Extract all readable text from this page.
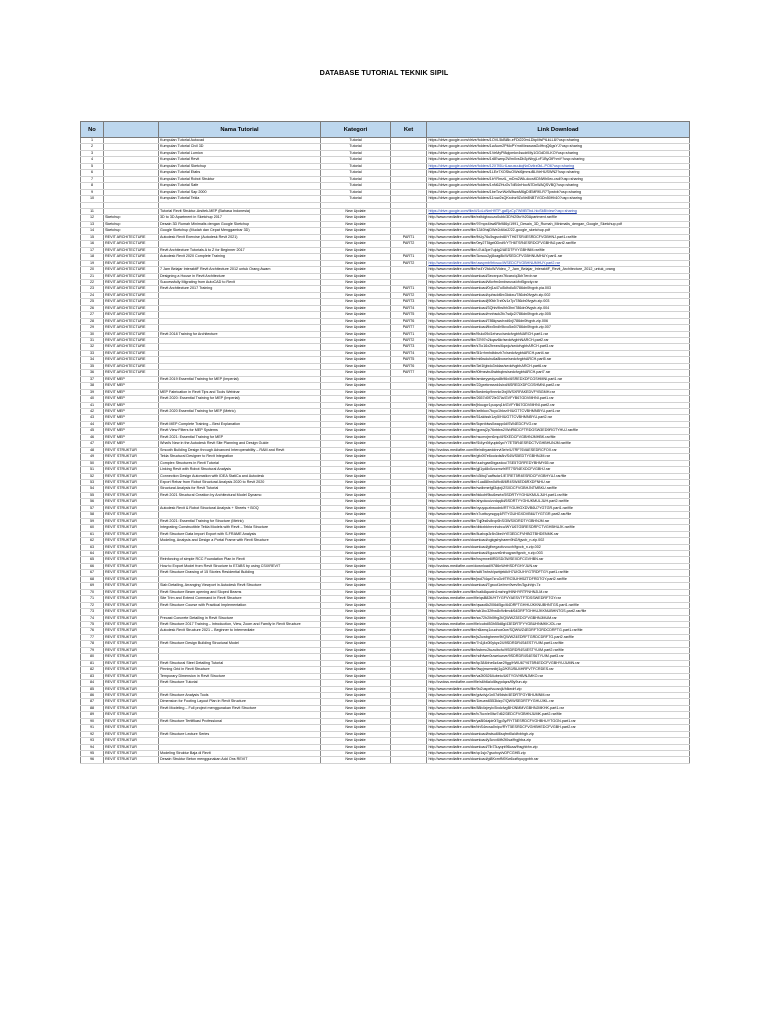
DATABASE TUTORIAL TEKNIK SIPIL
No		Nama Tutorial	Kategori	Ket	Link Download
1		Kumpulan Tutorial Autocad	Tutorial		https://drive.google.com/drive/folders/1OVL5kBl8b-eFDi220mLDkpMsPtLkLL8/?usp=sharing
2		Kumpulan Tutorial Civil 3D	Tutorial		https://drive.google.com/drive/folders/1wAum2PMoPYmxMxswwaGdHrqQ6gsYJ?usp=sharing
3		Kumpulan Tutorial Lumion	Tutorial		https://drive.google.com/drive/folders/1VeMyPl8qlpmkn4sudriMy1GGdDXLKOYusp=sharing
4		Kumpulan Tutorial Revit	Tutorial		https://drive.google.com/drive/folders/1r8Ewmp2Wm0vsDb3pNhyjLvF1ByGtFhmY?usp=sharing
5		Kumpulan Tutorial Sketchup	Tutorial		https://drive.google.com/drive/folders/12X7t5LriLacuxuukqNnDvilrz0kL-PO6?usp=sharing
6		Kumpulan Tutorial Etabs	Tutorial		https://drive.google.com/drive/folders/1LEe7XOStuOWsI6jmmuBLiVeHUSWN2?usp=sharing
7		Kumpulan Tutorial Robot Struktur	Tutorial		https://drive.google.com/drive/folders/1bYRmzlL_mDm2Wk-dccsKDNWh0ec-radi?usp=sharing
8		Kumpulan Tutorial Safe	Tutorial		https://drive.google.com/drive/folders/1nN6ZHuGv7dB4nHooN7DnWAQSVBQ?usp=sharing
9		Kumpulan Tutorial Sap 2000	Tutorial		https://drive.google.com/drive/folders/1beTcvrWzW8wwM6gDIEMRf0-R7Tpwtxb?usp=sharing
10		Kumpulan Tutorial Tekla	Tutorial		https://drive.google.com/drive/folders/11ruw2sQKxdnz9ZoVe8NBTVGDn50Hb10?usp=sharing

11		Tutorial Revit Struktur-Arsitek-MEP (Bahasa Indonesia)	New Update		https://drive.google.com/file/d/1oLcNmH9TP-gaEjzCp7WMBTbd-hloSkB/view?usp=sharing
12	Sketchup	3D to 3D Apartment in Sketchup 2017	New Update		http://www.mediafire.com/file/ezltdgtxuuzo0ubk/3D%20to%20Apartment.rar/file
13	Sketchup	Desain 3D Rumah Minimalis dengan Google Sketchup	New Update		http://www.mediafire.com/file/97mpx4bw6Rb986y/1991_Desain_3D_Rumah_Minimalis_dengan_Google_Sketchup.pdf
14	Sketchup	Google Sketchup (Mudah dan Cepat Menggambar 3D)	New Update		http://www.mediafire.com/file/1340hsjDWe2dt4xiZ/22-google_sketchup.pdf
15	REVIT ARCHITECTURE	Autodesk Revit Exercise (Autodesk Revit 2021)	New Update	PART1	http://www.mediafire.com/file/fbUy76u5sgsxlrd8/YTH6TSR4ESRDCFVGBHNJ.part1.rar/file
16	REVIT ARCHITECTURE		New Update	PART2	http://www.mediafire.com/file/0ey2T5lgxt0Dnd9/YTH6TSR4ESRDCFVGBHNJ.part2.rar/file
17	REVIT ARCHITECTURE	Revit Architecture Tutorials A to Z for Beginner 2017	New Update		http://www.mediafire.com/file/u7uk3pe7ujdg2/AEDTFVYGBHNM.rar/file
18	REVIT ARCHITECTURE	Autodesk Revit 2020 Complete Training	New Update	PART1	http://www.mediafire.com/file/3cwuu2pj8oag8k/WSEDCFVGBHNUMHUY.part1.rar
19	REVIT ARCHITECTURE		New Update	PART2	http://www.mediafire.com/file/uwsymb9rfcsuc/WSEDCFVGBHNUMHUY.part2.rar
20	REVIT ARCHITECTURE	7 Jam Belajar InteraktiF Revit Architecture 2012 untuk Orang Awam	New Update		http://www.mediafire.com/file/hx4Y2tdoW/Video_7_Jam_Belajar_InteraktiF_Revit_Architecture_2012_untuk_orang
21	REVIT ARCHITECTURE	Designing a House in Revit Architecture	New Update		http://www.mediafire.com/download/3ecxnpzx7tlcaro/q3kh7erdr.rar
22	REVIT ARCHITECTURE	Successfully Migrating from AutoCAD to Revit	New Update		http://www.mediafire.com/download/vlkvfm4nrdwruva/cfvt5gvcty.rar
23	REVIT ARCHITECTURE	Revit Architecture 2017 Training	New Update	PART1	http://www.mediafire.com/download/0rj1a47ui5dhdlu5/786dn0fvgvb.pia.003
24	REVIT ARCHITECTURE		New Update	PART2	http://www.mediafire.com/download/quhsdd6rx3lokxu/786dn0fvgvb.zip.002
25	REVIT ARCHITECTURE		New Update	PART3	http://www.mediafire.com/download/j90kh7rzt0v1z7p/786dn0fvgvb.zip.003
26	REVIT ARCHITECTURE		New Update	PART4	http://www.mediafire.com/download/3Qhiv9bslhh3hn/786dn0fvgvb.zip.004
27	REVIT ARCHITECTURE		New Update	PART5	http://www.mediafire.com/download/mnhsck2fc7sdjc2/786dn0fvgvb.zip.005
28	REVIT ARCHITECTURE		New Update	PART6	http://www.mediafire.com/download/786kpwuhxd6xj/786dn0fvgvb.zip.006
29	REVIT ARCHITECTURE		New Update	PART7	http://www.mediafire.com/download/tlxx5ndh9kvo5w0/786dn0fvgvb.zip.007
30	REVIT ARCHITECTURE	Revit 2018 Training for Architecture	New Update	PART1	http://www.mediafire.com/file/l9ulo09d1ehzvc/sedcfvgbhNARCH.part1.rar
31	REVIT ARCHITECTURE		New Update	PART2	http://www.mediafire.com/file/37t97n2kqav6kr/sedcfvgbhNARCH.part2.rar
32	REVIT ARCHITECTURE		New Update	PART3	http://www.mediafire.com/file/s7lo16x2trezw/6qwjc/sedcfvgbhARCH.part3.rar
33	REVIT ARCHITECTURE		New Update	PART4	http://www.mediafire.com/file/5l1rrhmhdtdnzh7x/sedcfvgbhARCH.part4.rar
34	REVIT ARCHITECTURE		New Update	PART5	http://www.mediafire.com/file/mi6wduhu6a8bcwe/sedcfvgbhARCH.part5.rar
35	REVIT ARCHITECTURE		New Update	PART6	http://www.mediafire.com/file/3ei1fgbdo3nldax/sedcfvgbhARCH.part6.rar
36	REVIT ARCHITECTURE		New Update	PART7	http://www.mediafire.com/file/t0fmsvbu5wbbqbw/sedcfvgbhARCH.part7.rar
37	REVIT MEP	Revit 2019 Essential Training for MEP (Imperial)	New Update		http://www.mediafire.com/file/amkeyyedyzo8b96x/6SREDXDFCGSHMNI.part1.rar
38	REVIT MEP		New Update		http://www.mediafire.com/file/22gxeknwsrd4sixd/6SREDXDFCGSHMNI.part2.rar
39	REVIT MEP	MEP Fabrication in Revit Tips and Tools Webinar	New Update		http://www.mediafire.com/file/ikedmkp9nnnkr2ixj/WSXRFAKEDVFYBGMH.rar
40	REVIT MEP	Revit 2020: Essential Training for MEP (Imperial)	New Update		http://www.mediafire.com/file/2657d0f72le37ia/GVFYB67GDVMHNI.part1.rar
41	REVIT MEP		New Update		http://www.mediafire.com/file/jhkuqpr1puqvq1b/GVFYB67GDVMHNI.part2.rar
42	REVIT MEP	Revit 2020 Essential Training for MEP (Metric)	New Update		http://www.mediafire.com/file/zeibkox7tuyo1hkrz/HIUG7TCVBHMNBYU.part1.rar
43	REVIT MEP		New Update		http://www.mediafire.com/file/51aldssh1zy5/HIUG7TCVBHMNBYU.part2.rar
44	REVIT MEP	Revit MEP Complete Training – Best Explanation	New Update		http://www.mediafire.com/file/5qxnfdws0wapp4d/SW4EDCFVG.rar
45	REVIT MEP	Revit View Filters for MEP Systems	New Update		http://www.mediafire.com/file/gpxwj2p76nbbw2/WdR6DCFTRDGSW3ED9RGTYHUJ.rar/file
46	REVIT MEP	Revit 2021: Essential Training for MEP	New Update		http://www.mediafire.com/file/nscmxjrrn6mp4f/SXEDCFVGBHNJMHBK.rar/file
47	REVIT MEP	What's New in the Autodesk Revit Site Planning and Design Guide	New Update		http://www.mediafire.com/file/f1t4yn94yupk6yc/Y7ET5R4ESRDCTVGHBHUNJM.rar/file
48	REVIT STRUKTUR	Smooth Building Design through Advanced Interoperability – RAM and Revit	New Update		http://cvokss.mediafire.com/file/rdbyaeddnrvt3ehr/U7RF76VAESEDRCFOX.rar
49	REVIT STRUKTUR	Tekla Structural Designer to Revit Integration	New Update		http://www.mediafire.com/file/gfo0t7e6ooizds8n/S4WS5EDTYGBHNJM.rar
50	REVIT STRUKTUR	Complex Structures in Revit Tutorial	New Update		http://www.mediafire.com/file/uuchgax6bgzzdcu/7SE5TGRFEDYBHMY65.rar
51	REVIT STRUKTUR	Linking Revit with Robot Structural Analysis	New Update		http://www.mediafire.com/file/gjl1yd8x0zczrnzfr/RT7SR4EXDCFVGBHJ.rar
52	REVIT STRUKTUR	Connection Design Automation with IDEA StatiCa and Autodesk	New Update		http://www.mediafire.com/file/o3tbq7uaffsdcr1/E7RET5R4ESRDCFVGBHYUJ.rar/file
53	REVIT STRUKTUR	Export Rebar from Robot Structural Analysis 2020 to Revit 2020	New Update		http://www.mediafire.com/file/r1ua88lnn0d9vl8/6R4SW4ED6RXDFNHU.rar
54	REVIT STRUKTUR	Structural Analysis for Revit Tutorial	New Update		http://www.mediafire.com/file/rwdbmefgll3qtxj/ZSXDCFVGBHJNTMBKU.rar/file
55	REVIT STRUKTUR	Revit 2021 Structural Creation by Architectural Model Dynamo	New Update		http://www.mediafire.com/file/bkkohf9ku6esrtx/5SDRTYYGHUKMULJUH.part1.rar/file
56	REVIT STRUKTUR		New Update		http://www.mediafire.com/file/ahyokcuizvdqqlld/5SDRTYYGHUKMULJUH.part2.rar/file
57	REVIT STRUKTUR	Autodesk Revit & Robot Structural Analysis + Sheets + BOQ	New Update		http://www.mediafire.com/file/oyuyquzbwudnk/RTYGUHGXDVB6U7YGTGR.part1.rar/file
58	REVIT STRUKTUR		New Update		http://www.mediafire.com/file/x7uxttuyrsqyq4/RTYGUHGXDVB6U7YGTGR.part2.rar/file
59	REVIT STRUKTUR	Revit 2021: Essential Training for Structure (Metric)	New Update		http://www.mediafire.com/file/7qj0ts6v8rcp6hS/3WSXDRDTYGBHNJM.rar
60	REVIT STRUKTUR	Integrating Constructible Tekla Models with Revit – Tekla Structure	New Update		http://www.mediafire.com/file/dbkxbkhrnnhdrcu/WYU67G5RESDRFCTVGHBHUJK.rar/file
61	REVIT STRUKTUR	Revit Structure Data Import Export with S-FRAME Analysis	New Update		http://www.mediafire.com/file/8uzbqs3r8n3bei/rYE3EDCFVHBGTBHDENMK.rar
62	REVIT STRUKTUR	Modeling, Analysis and Design a Portal Frame with Revit Structure	New Update		http://www.mediafire.com/download/ogkgshyhaem9hl2/fgvcb_n.zip.002
63	REVIT STRUKTUR		New Update		http://www.mediafire.com/download/glfxegzofuvxuxh/fgvcb_n.zip.002
64	REVIT STRUKTUR		New Update		http://www.mediafire.com/download/4guuvx6nfruqyan/fgvcb_n.zip.003
65	REVIT STRUKTUR	Reinforcing of simple RCC Foundation Plan in Revit	New Update		http://www.mediafire.com/file/ivsymxe8IRDSD/3WSEXDFCGVHBN.rar
66	REVIT STRUKTUR	How to Export Model from Revit Structure to ETABS by using CSIXREVIT	New Update		http://cvokss.mediafire.com/download/9786nWrtHSDFGHYJUN.rar
67	REVIT STRUKTUR	Revit Structure Drawing of 15 Stories Residential Building	New Update		http://www.mediafire.com/file/sdti7whsh/pwbjekik/H7UIOUHYGTRDFTGY.part1.rar/file
68	REVIT STRUKTUR		New Update		http://www.mediafire.com/file/jwd7i4qw7zru3vf/TRC5UHH5ZTDFRDTGY.part2.rar/file
69	REVIT STRUKTUR	Slab Detailing, Arranging Viewport in Autodesk Revit Structure	New Update		http://www.mediafire.com/download/7gxcct1e/mm9vev9n/3guhhjn.7z
70	REVIT STRUKTUR	Revit Structure Beam opening and Sloped Beams	New Update		http://www.mediafire.com/file/lvaik8quwin1mzhrg/HINHYRTFNHNJLM.rar
71	REVIT STRUKTUR	Site Trim and Extend Command in Revit Structure	New Update		http://cvokss.mediafire.com/file/qsB82tI/HTYGFVYAESVTFTDSSWEDRFTGY.rar
72	REVIT STRUKTUR	Revit Structure Course with Practical Implementation	New Update		http://www.mediafire.com/file/qwao6k2l06di5gc/64DRFTGHHUJKKNUBHNTGS.part1.rar/file
73	REVIT STRUKTUR		New Update		http://www.mediafire.com/file/wb1bc32fhw8x9vlimdi/64DRFTGHHUJKKNUBHNTGS.part2.rar/file
74	REVIT STRUKTUR	Precast Concrete Detailing in Revit Structure	New Update		http://www.mediafire.com/file/sw72h2lh0fhg2t/QWWZ3EDCFVGBHNJMUM.rar
75	REVIT STRUKTUR	Revit Structure 2017 Training – Introduction, View, Zoom and Family in Revit Structure	New Update		http://cvokss.mediafire.com/file/cubdl53h55d8g/43EDRTFYYGBUHNMKKJOL.rar
76	REVIT STRUKTUR	Autodesk Revit Structure 2021 – Beginner to Intermediate	New Update		http://www.mediafire.com/file/n6lzmq1ouohox0ce/SQWWZ4EDRFTGRDCDRFTG.part1.rar/file
77	REVIT STRUKTUR		New Update		http://www.mediafire.com/file/js2uwbgheem9t/QWWZ4EDRFTGRDCDRFTG.part2.rar/file
78	REVIT STRUKTUR	Revit Structure Design Building Structural Model	New Update		http://www.mediafire.com/file/7n1j4x0l0ykyz24/9SDRDR4S4ESTYUIM.part1.rar/file
79	REVIT STRUKTUR		New Update		http://www.mediafire.com/file/ksbmc2tuzuibcfu/9SDRDR4S4ESTYUIM.part2.rar/file
80	REVIT STRUKTUR		New Update		http://www.mediafire.com/file/ndhfwm0uweiuwve/9SDRDR4S4ES6TYUIM.part3.rar
81	REVIT STRUKTUR	Revit Structural Steel Detailing Tutorial	New Update		http://www.mediafire.com/file/kp384bhe6z4ae29gg/HWU67Y6T5R4EDCFVGBHYUJUMN.rar
82	REVIT STRUKTUR	Pinning Grid in Revit Structure	New Update		http://www.mediafire.com/file/9wyjmwmnlirj1g2/KRJ/BU4HRFVTFCRDES.rar
83	REVIT STRUKTUR	Temporary Dimension in Revit Structure	New Update		http://www.mediafire.com/file/va2t05264ubeio/U6TYGVHB/NJMKO.rar
84	REVIT STRUKTUR	Revit Structure Tutorial	New Update		http://cvokss.mediafire.com/file/s6h6a/ol8sypdqzs/t5y9un.zip
85	REVIT STRUKTUR		New Update		http://www.mediafire.com/file/9o2uspxfvuosvjk/hlkedrf.zip
86	REVIT STRUKTUR	Revit Structure Analysis Tools	New Update		http://www.mediafire.com/file/gdvdvjz1n07d9dsb/4EDRTFGYBHUMNM.rar
87	REVIT STRUKTUR	Dimension for Footing Layout Plan in Revit Structure	New Update		http://www.mediafire.com/file/1ieuzw6553kizp7/QWWSEDRTFYGHUJIKL.rar
88	REVIT STRUKTUR	Revit Modeling – Full project menggunakan Revit Structure	New Update		http://www.mediafire.com/file/88b4xjeylx/5xdcfvgBHJNMMVGBHNJMKHK.part1.rar
89	REVIT STRUKTUR		New Update		http://www.mediafire.com/file/lv7kcn/e0ltw7d62/3EDCFVGBHNJUMK.part2.rar/file
90	REVIT STRUKTUR	Revit Structure Tertifikasi Professional	New Update		http://www.mediafire.com/file/ya8l0dajdr0i7gp3y/RYT5ESRDCFVGHBHUYTGGN.part1.rar
91	REVIT STRUKTUR		New Update		http://www.mediafire.com/file/bhS4ecsa0nipv/RYT5ESRDCFVGHBHEDCFVGBH.part2.rar
92	REVIT STRUKTUR	Revit Structure Lecture Series	New Update		http://www.mediafire.com/download/iwtsu6l6sqfmt0a/dfvbhgh.zip
93	REVIT STRUKTUR		New Update		http://www.mediafire.com/download/y3cvx6itfr2t0sa/fhgjhba.zip
94	REVIT STRUKTUR		New Update		http://www.mediafire.com/download/7lb73uyqnt96caa/fhsghbhn.zip
95	REVIT STRUKTUR	Modeling Struktur Baja di Revit	New Update		http://www.mediafire.com/file/cp1sjv7gsohvyi/vDFCGHB.zip
96	REVIT STRUKTUR	Desain Struktur Beton menggunakan Add Ons REVIT	New Update		http://www.mediafire.com/download/gl8KxmfN9Xw6czfkyuygvbh.rar
